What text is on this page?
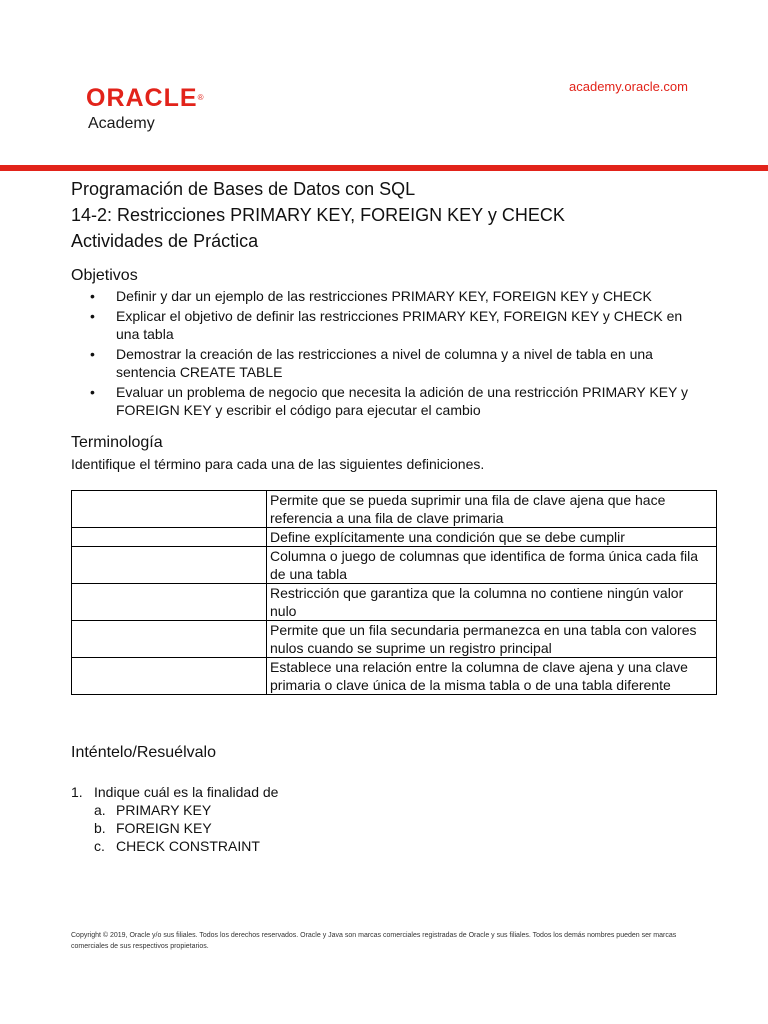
ORACLE®
Academy
academy.oracle.com
Programación de Bases de Datos con SQL
14-2: Restricciones PRIMARY KEY, FOREIGN KEY y CHECK
Actividades de Práctica
Objetivos
• Definir y dar un ejemplo de las restricciones PRIMARY KEY, FOREIGN KEY y CHECK
• Explicar el objetivo de definir las restricciones PRIMARY KEY, FOREIGN KEY y CHECK en una tabla
• Demostrar la creación de las restricciones a nivel de columna y a nivel de tabla en una sentencia CREATE TABLE
• Evaluar un problema de negocio que necesita la adición de una restricción PRIMARY KEY y FOREIGN KEY y escribir el código para ejecutar el cambio
Terminología
Identifique el término para cada una de las siguientes definiciones.
	Permite que se pueda suprimir una fila de clave ajena que hace referencia a una fila de clave primaria
	Define explícitamente una condición que se debe cumplir
	Columna o juego de columnas que identifica de forma única cada fila de una tabla
	Restricción que garantiza que la columna no contiene ningún valor nulo
	Permite que un fila secundaria permanezca en una tabla con valores nulos cuando se suprime un registro principal
	Establece una relación entre la columna de clave ajena y una clave primaria o clave única de la misma tabla o de una tabla diferente
Inténtelo/Resuélvalo
1. Indique cuál es la finalidad de
a. PRIMARY KEY
b. FOREIGN KEY
c. CHECK CONSTRAINT
Copyright © 2019, Oracle y/o sus filiales. Todos los derechos reservados. Oracle y Java son marcas comerciales registradas de Oracle y sus filiales. Todos los demás nombres pueden ser marcas comerciales de sus respectivos propietarios.
